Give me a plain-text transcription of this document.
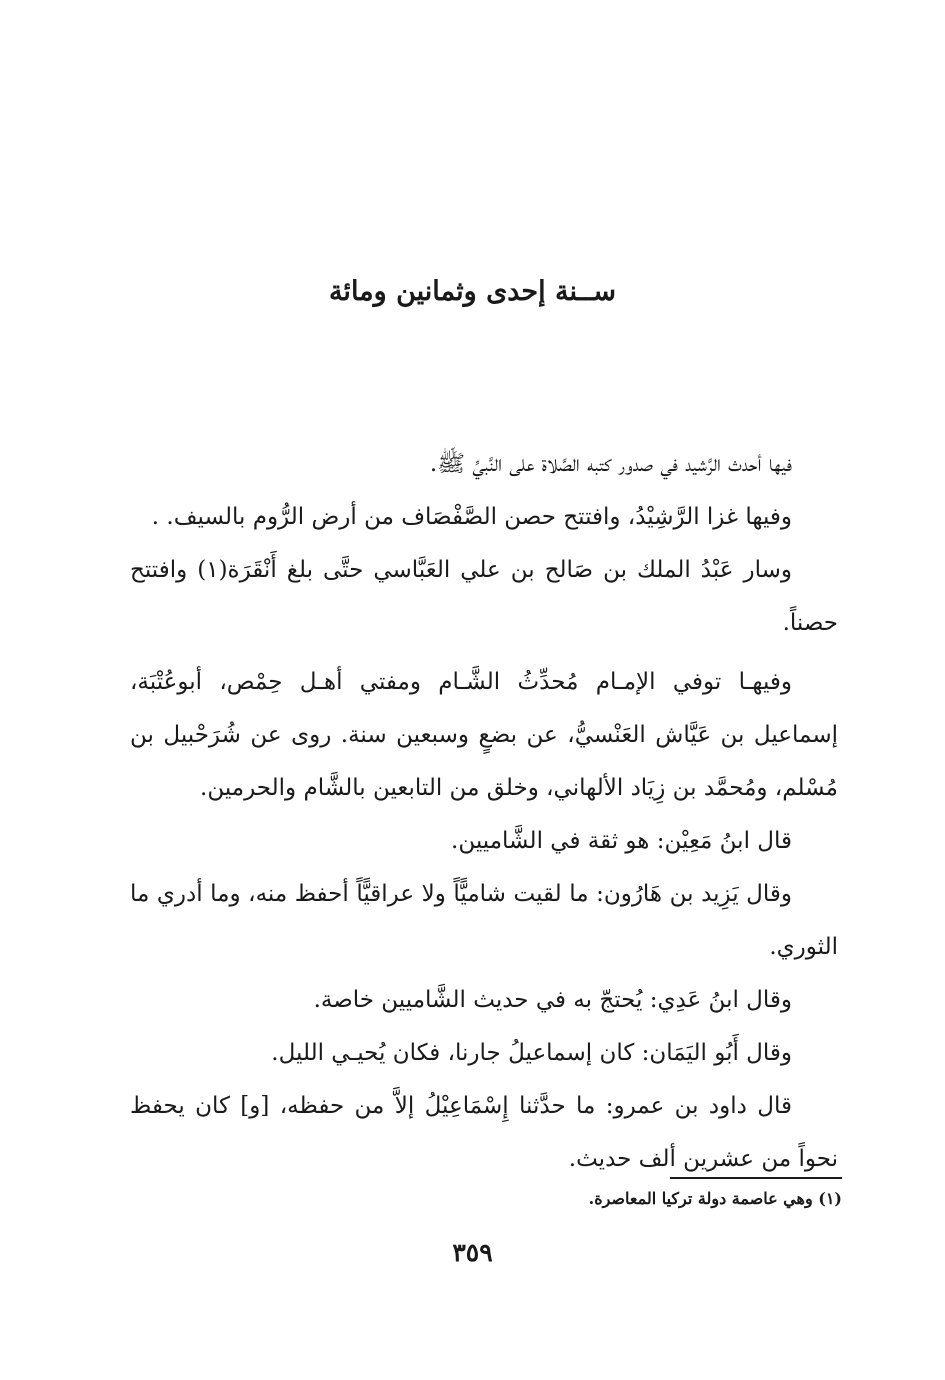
ســنة إحدى وثمانين ومائة

فيها أحدث الرَّشيد في صدور كتبه الصَّلاة على النَّبيِّ ﷺ.

وفيها غزا الرَّشِيْدُ، وافتتح حصن الصَّفْصَاف من أرض الرُّوم بالسيف. .

وسار عَبْدُ الملك بن صَالح بن علي العَبَّاسي حتَّى بلغ أَنْقَرَة(١) وافتتح حصناً.

وفيهـا توفي الإمـام مُحدِّثُ الشَّـام ومفتي أهـل حِمْص، أبوعُتْبَة، إسماعيل بن عَيَّاش العَنْسيُّ، عن بضعٍ وسبعين سنة. روى عن شُرَحْبيل بن مُسْلم، ومُحمَّد بن زِيَاد الألهاني، وخلق من التابعين بالشَّام والحرمين.

قال ابنُ مَعِيْن: هو ثقة في الشَّاميين.

وقال يَزِيد بن هَارُون: ما لقيت شاميًّاً ولا عراقيًّاً أحفظ منه، وما أدري ما الثوري.

وقال ابنُ عَدِي: يُحتجّ به في حديث الشَّاميين خاصة.

وقال أَبُو اليَمَان: كان إسماعيلُ جارنا، فكان يُحيـي الليل.

قال داود بن عمرو: ما حدَّثنا إِسْمَاعِيْلُ إلاَّ من حفظه، [و] كان يحفظ نحواً من عشرين ألف حديث.

(١) وهي عاصمة دولة تركيا المعاصرة.
٣٥٩
